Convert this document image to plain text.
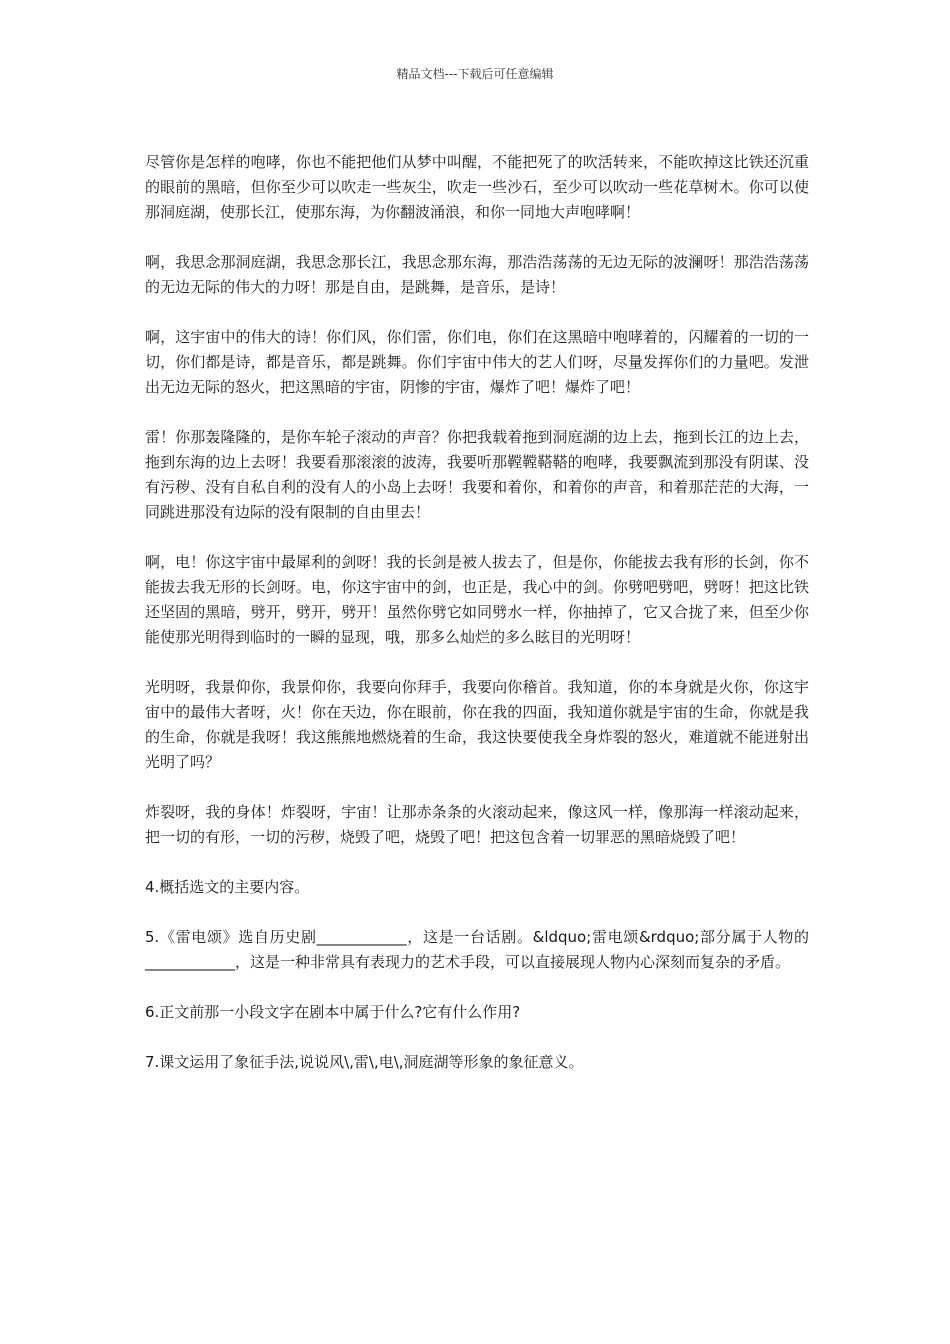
精品文档---下载后可任意编辑

尽管你是怎样的咆哮，你也不能把他们从梦中叫醒，不能把死了的吹活转来，不能吹掉这比铁还沉重的眼前的黑暗，但你至少可以吹走一些灰尘，吹走一些沙石，至少可以吹动一些花草树木。你可以使那洞庭湖，使那长江，使那东海，为你翻波涌浪，和你一同地大声咆哮啊！

啊，我思念那洞庭湖，我思念那长江，我思念那东海，那浩浩荡荡的无边无际的波澜呀！那浩浩荡荡的无边无际的伟大的力呀！那是自由，是跳舞，是音乐，是诗！

啊，这宇宙中的伟大的诗！你们风，你们雷，你们电，你们在这黑暗中咆哮着的，闪耀着的一切的一切，你们都是诗，都是音乐，都是跳舞。你们宇宙中伟大的艺人们呀，尽量发挥你们的力量吧。发泄出无边无际的怒火，把这黑暗的宇宙，阴惨的宇宙，爆炸了吧！爆炸了吧！

雷！你那轰隆隆的，是你车轮子滚动的声音？你把我载着拖到洞庭湖的边上去，拖到长江的边上去，拖到东海的边上去呀！我要看那滚滚的波涛，我要听那鞺鞺鞳鞳的咆哮，我要飘流到那没有阴谋、没有污秽、没有自私自利的没有人的小岛上去呀！我要和着你，和着你的声音，和着那茫茫的大海，一同跳进那没有边际的没有限制的自由里去！

啊，电！你这宇宙中最犀利的剑呀！我的长剑是被人拔去了，但是你，你能拔去我有形的长剑，你不能拔去我无形的长剑呀。电，你这宇宙中的剑，也正是，我心中的剑。你劈吧劈吧，劈呀！把这比铁还坚固的黑暗，劈开，劈开，劈开！虽然你劈它如同劈水一样，你抽掉了，它又合拢了来，但至少你能使那光明得到临时的一瞬的显现，哦，那多么灿烂的多么眩目的光明呀！

光明呀，我景仰你，我景仰你，我要向你拜手，我要向你稽首。我知道，你的本身就是火你，你这宇宙中的最伟大者呀，火！你在天边，你在眼前，你在我的四面，我知道你就是宇宙的生命，你就是我的生命，你就是我呀！我这熊熊地燃烧着的生命，我这快要使我全身炸裂的怒火，难道就不能迸射出光明了吗？

炸裂呀，我的身体！炸裂呀，宇宙！让那赤条条的火滚动起来，像这风一样，像那海一样滚动起来，把一切的有形，一切的污秽，烧毁了吧，烧毁了吧！把这包含着一切罪恶的黑暗烧毁了吧！

4.概括选文的主要内容。

5.《雷电颂》选自历史剧____________，这是一台话剧。&ldquo;雷电颂&rdquo;部分属于人物的____________，这是一种非常具有表现力的艺术手段，可以直接展现人物内心深刻而复杂的矛盾。

6.正文前那一小段文字在剧本中属于什么?它有什么作用?

7.课文运用了象征手法,说说风\,雷\,电\,洞庭湖等形象的象征意义。
